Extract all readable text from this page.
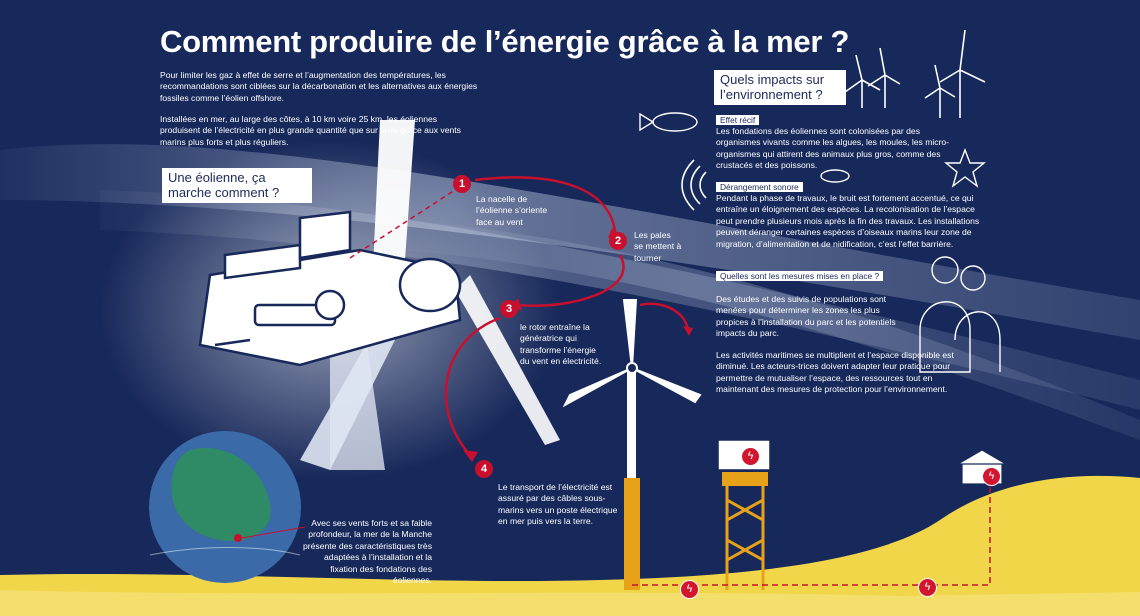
Comment produire de l’énergie grâce à la mer ?
Pour limiter les gaz à effet de serre et l’augmentation des températures, les recommandations sont ciblées sur la décarbonation et les alternatives aux énergies fossiles comme l’éolien offshore.
Installées en mer, au large des côtes, à 10 km voire 25 km, les éoliennes produisent de l’électricité en plus grande quantité que sur terre grâce aux vents marins plus forts et plus réguliers.
Une éolienne, ça marche comment ?
1
La nacelle de l’éolienne s’oriente face au vent
2	Les pales se mettent à tourner
3
le rotor entraîne la génératrice qui transforme l’énergie du vent en électricité.
4
Le transport de l’électricité est assuré par des câbles sous-marins vers un poste électrique en mer puis vers la terre.
Avec ses vents forts et sa faible profondeur, la mer de la Manche présente des caractéristiques très adaptées à l’installation et la fixation des fondations des éoliennes.
Quels impacts sur l’environnement ?
Effet récif
Les fondations des éoliennes sont colonisées par des organismes vivants comme les algues, les moules, les micro-organismes qui attirent des animaux plus gros, comme des crustacés et des poissons.
Dérangement sonore
Pendant la phase de travaux, le bruit est fortement accentué, ce qui entraîne un éloignement des espèces. La recolonisation de l’espace peut prendre plusieurs mois après la fin des travaux. Les installations peuvent déranger certaines espèces d’oiseaux marins leur zone de migration, d’alimentation et de nidification, c’est l’effet barrière.
Quelles sont les mesures mises en place ?
Des études et des suivis de populations sont menées pour déterminer les zones les plus propices à l’installation du parc et les potentiels impacts du parc.
Les activités maritimes se multiplient et l’espace disponible est diminué. Les acteurs-trices doivent adapter leur pratique pour permettre de mutualiser l’espace, des ressources tout en maintenant des mesures de protection pour l’environnement.
ϟ
ϟ	ϟ
ϟ
